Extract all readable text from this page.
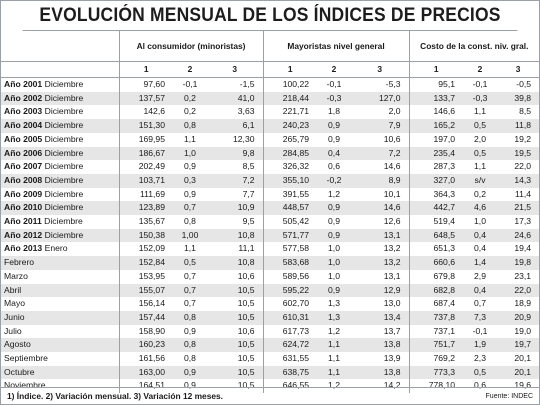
EVOLUCIÓN MENSUAL DE LOS ÍNDICES DE PRECIOS
	Al consumidor (minoristas)			Mayoristas nivel general			Costo de la const. niv. gral.		
	1	2	3	1	2	3	1	2	3
Año 2001 Diciembre	97,60	-0,1	-1,5	100,22	-0,1	-5,3	95,1	-0,1	-0,5
Año 2002 Diciembre	137,57	0,2	41,0	218,44	-0,3	127,0	133,7	-0,3	39,8
Año 2003 Diciembre	142,6	0,2	3,63	221,71	1,8	2,0	146,6	1,1	8,5
Año 2004 Diciembre	151,30	0,8	6,1	240,23	0,9	7,9	165,2	0,5	11,8
Año 2005 Diciembre	169,95	1,1	12,30	265,79	0,9	10,6	197,0	2,0	19,2
Año 2006 Diciembre	186,67	1,0	9,8	284,85	0,4	7,2	235,4	0,5	19,5
Año 2007 Diciembre	202,49	0,9	8,5	326,32	0,6	14,6	287,3	1,1	22,0
Año 2008 Diciembre	103,71	0,3	7,2	355,10	-0,2	8,9	327,0	s/v	14,3
Año 2009 Diciembre	111,69	0,9	7,7	391,55	1,2	10,1	364,3	0,2	11,4
Año 2010 Diciembre	123,89	0,7	10,9	448,57	0,9	14,6	442,7	4,6	21,5
Año 2011 Diciembre	135,67	0,8	9,5	505,42	0,9	12,6	519,4	1,0	17,3
Año 2012 Diciembre	150,38	1,00	10,8	571,77	0,9	13,1	648,5	0,4	24,6
Año 2013 Enero	152,09	1,1	11,1	577,58	1,0	13,2	651,3	0,4	19,4
Febrero	152,84	0,5	10,8	583,68	1,0	13,2	660,6	1,4	19,8
Marzo	153,95	0,7	10,6	589,56	1,0	13,1	679,8	2,9	23,1
Abril	155,07	0,7	10,5	595,22	0,9	12,9	682,8	0,4	22,0
Mayo	156,14	0,7	10,5	602,70	1,3	13,0	687,4	0,7	18,9
Junio	157,44	0,8	10,5	610,31	1,3	13,4	737,8	7,3	20,9
Julio	158,90	0,9	10,6	617,73	1,2	13,7	737,1	-0,1	19,0
Agosto	160,23	0,8	10,5	624,72	1,1	13,8	751,7	1,9	19,7
Septiembre	161,56	0,8	10,5	631,55	1,1	13,9	769,2	2,3	20,1
Octubre	163,00	0,9	10,5	638,75	1,1	13,8	773,3	0,5	20,1
Noviembre	164,51	0,9	10,5	646,55	1,2	14,2	778,10	0,6	19,6
1) Índice. 2) Variación mensual. 3) Variación 12 meses.	Fuente: INDEC
